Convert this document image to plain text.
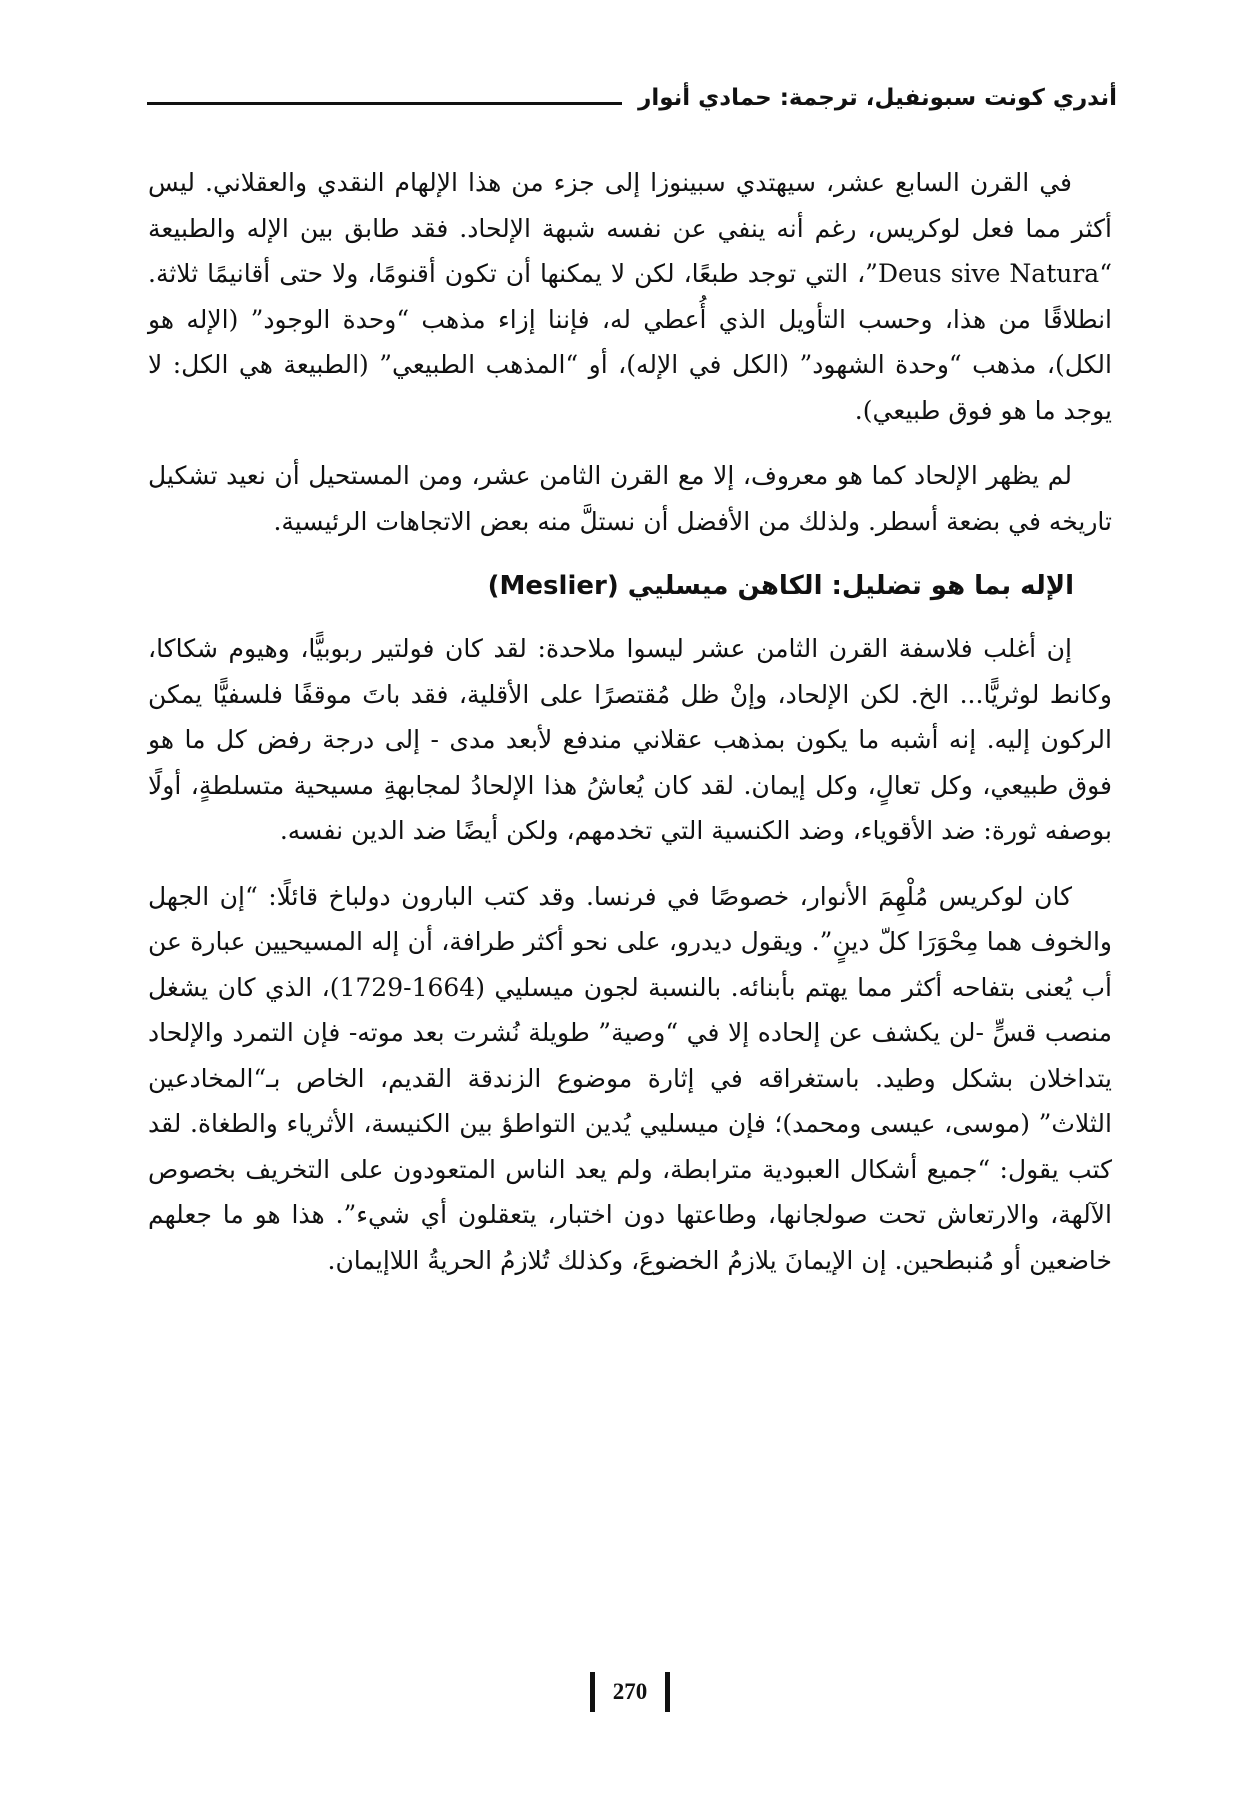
أندري كونت سبونفيل، ترجمة: حمادي أنوار

في القرن السابع عشر، سيهتدي سبينوزا إلى جزء من هذا الإلهام النقدي والعقلاني. ليس أكثر مما فعل لوكريس، رغم أنه ينفي عن نفسه شبهة الإلحاد. فقد طابق بين الإله والطبيعة “Deus sive Natura”، التي توجد طبعًا، لكن لا يمكنها أن تكون أقنومًا، ولا حتى أقانيمًا ثلاثة. انطلاقًا من هذا، وحسب التأويل الذي أُعطي له، فإننا إزاء مذهب “وحدة الوجود” (الإله هو الكل)، مذهب “وحدة الشهود” (الكل في الإله)، أو “المذهب الطبيعي” (الطبيعة هي الكل: لا يوجد ما هو فوق طبيعي).

لم يظهر الإلحاد كما هو معروف، إلا مع القرن الثامن عشر، ومن المستحيل أن نعيد تشكيل تاريخه في بضعة أسطر. ولذلك من الأفضل أن نستلَّ منه بعض الاتجاهات الرئيسية.

الإله بما هو تضليل: الكاهن ميسليي (Meslier)

إن أغلب فلاسفة القرن الثامن عشر ليسوا ملاحدة: لقد كان فولتير ربوبيًّا، وهيوم شكاكا، وكانط لوثريًّا... الخ. لكن الإلحاد، وإنْ ظل مُقتصرًا على الأقلية، فقد باتَ موقفًا فلسفيًّا يمكن الركون إليه. إنه أشبه ما يكون بمذهب عقلاني مندفع لأبعد مدى - إلى درجة رفض كل ما هو فوق طبيعي، وكل تعالٍ، وكل إيمان. لقد كان يُعاشُ هذا الإلحادُ لمجابهةِ مسيحية متسلطةٍ، أولًا بوصفه ثورة: ضد الأقوياء، وضد الكنسية التي تخدمهم، ولكن أيضًا ضد الدين نفسه.

كان لوكريس مُلْهِمَ الأنوار، خصوصًا في فرنسا. وقد كتب البارون دولباخ قائلًا: “إن الجهل والخوف هما مِحْوَرَا كلّ دينٍ”. ويقول ديدرو، على نحو أكثر طرافة، أن إله المسيحيين عبارة عن أب يُعنى بتفاحه أكثر مما يهتم بأبنائه. بالنسبة لجون ميسليي (1664-1729)، الذي كان يشغل منصب قسٍّ -لن يكشف عن إلحاده إلا في “وصية” طويلة نُشرت بعد موته- فإن التمرد والإلحاد يتداخلان بشكل وطيد. باستغراقه في إثارة موضوع الزندقة القديم، الخاص بـ“المخادعين الثلاث” (موسى، عيسى ومحمد)؛ فإن ميسليي يُدين التواطؤ بين الكنيسة، الأثرياء والطغاة. لقد كتب يقول: “جميع أشكال العبودية مترابطة، ولم يعد الناس المتعودون على التخريف بخصوص الآلهة، والارتعاش تحت صولجانها، وطاعتها دون اختبار، يتعقلون أي شيء”. هذا هو ما جعلهم خاضعين أو مُنبطحين. إن الإيمانَ يلازمُ الخضوعَ، وكذلك تُلازمُ الحريةُ اللاإيمان.

270
